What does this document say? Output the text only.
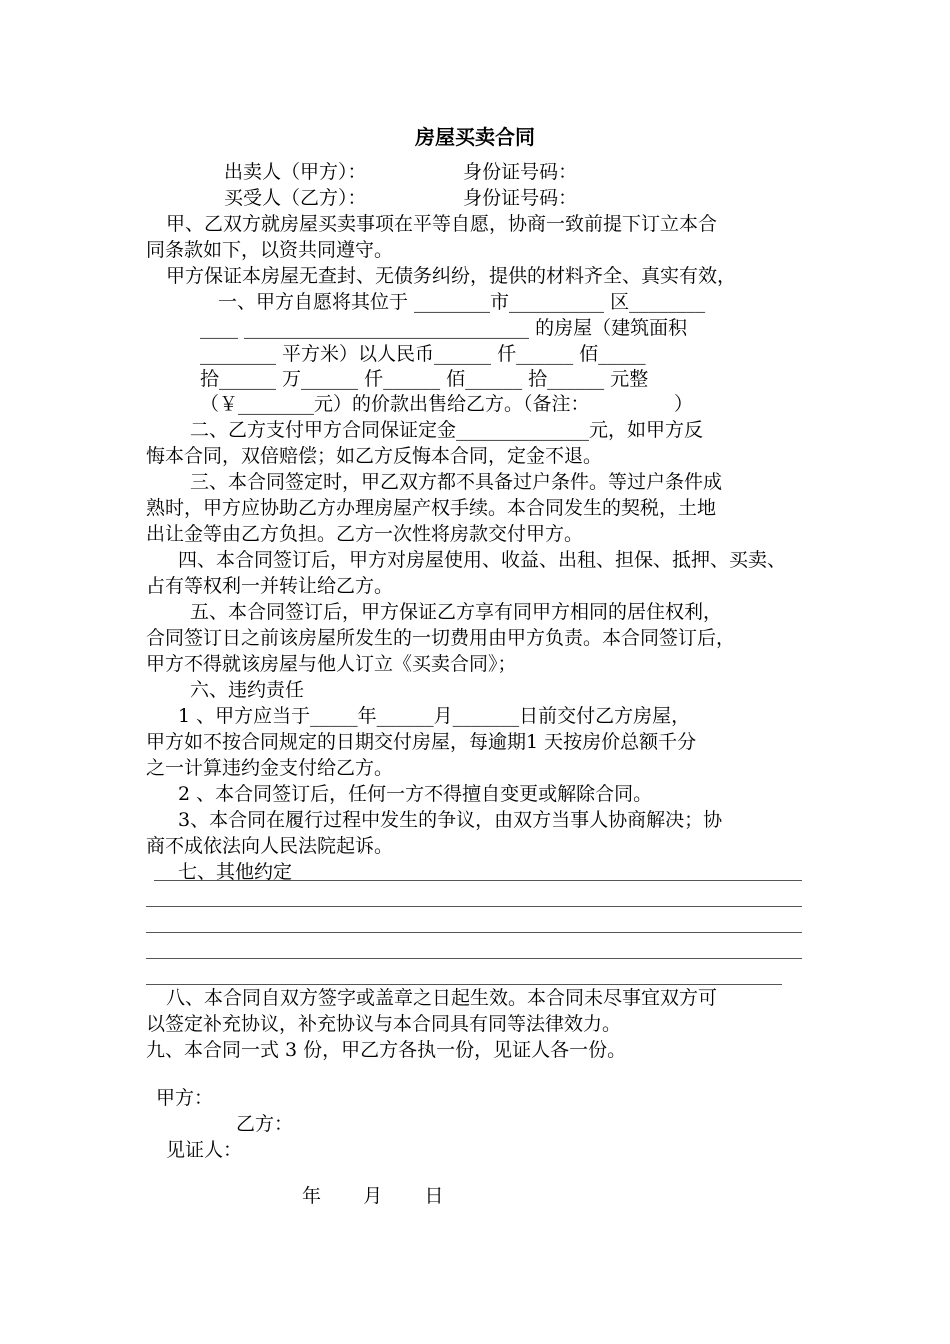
房屋买卖合同
出卖人（甲方）：                身份证号码：
买受人（乙方）：                身份证号码：
甲、乙双方就房屋买卖事项在平等自愿，协商一致前提下订立本合
同条款如下，以资共同遵守。
甲方保证本房屋无查封、无债务纠纷，提供的材料齐全、真实有效，
一、甲方自愿将其位于 ________市__________ 区________
____ ______________________________ 的房屋（建筑面积
________ 平方米）以人民币______ 仟______ 佰_____
拾______ 万______ 仟______ 佰______ 拾______ 元整
（￥________元）的价款出售给乙方。（备注：              ）
二、乙方支付甲方合同保证定金______________元，如甲方反
悔本合同，双倍赔偿；如乙方反悔本合同，定金不退。
三、本合同签定时，甲乙双方都不具备过户条件。等过户条件成
熟时，甲方应协助乙方办理房屋产权手续。本合同发生的契税，土地
出让金等由乙方负担。乙方一次性将房款交付甲方。
四、本合同签订后，甲方对房屋使用、收益、出租、担保、抵押、买卖、
占有等权利一并转让给乙方。
五、本合同签订后，甲方保证乙方享有同甲方相同的居住权利，
合同签订日之前该房屋所发生的一切费用由甲方负责。本合同签订后，
甲方不得就该房屋与他人订立《买卖合同》；
六、违约责任
1 、甲方应当于_____年______月_______日前交付乙方房屋，
甲方如不按合同规定的日期交付房屋，每逾期1 天按房价总额千分
之一计算违约金支付给乙方。
2 、本合同签订后，任何一方不得擅自变更或解除合同。
3、本合同在履行过程中发生的争议，由双方当事人协商解决；协
商不成依法向人民法院起诉。
七、其他约定
八、本合同自双方签字或盖章之日起生效。本合同未尽事宜双方可
以签定补充协议，补充协议与本合同具有同等法律效力。
九、本合同一式 3 份，甲乙方各执一份，见证人各一份。
甲方：
乙方：
见证人：
年       月       日
